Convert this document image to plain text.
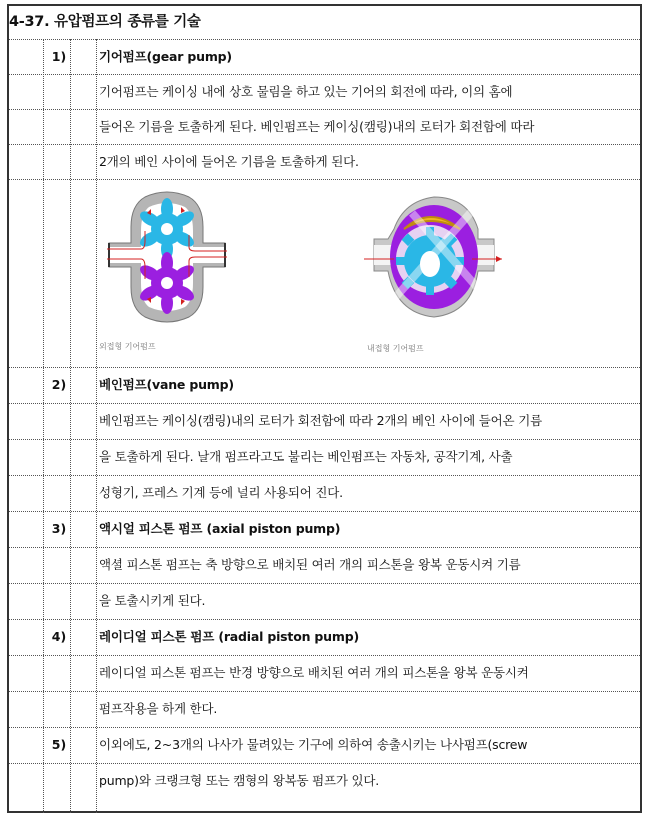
4-37. 유압펌프의 종류를 기술
1)	기어펌프(gear pump)
기어펌프는 케이싱 내에 상호 물림을 하고 있는 기어의 회전에 따라, 이의 홈에
들어온 기름을 토출하게 된다. 베인펌프는 케이싱(캠링)내의 로터가 회전함에 따라
2개의 베인 사이에 들어온 기름을 토출하게 된다.
외접형 기어펌프	내접형 기어펌프
2)	베인펌프(vane pump)
베인펌프는 케이싱(캠링)내의 로터가 회전함에 따라 2개의 베인 사이에 들어온 기름
을 토출하게 된다. 날개 펌프라고도 불리는 베인펌프는 자동차, 공작기계, 사출
성형기, 프레스 기계 등에 널리 사용되어 진다.
3)	액시얼 피스톤 펌프 (axial piston pump)
액셜 피스톤 펌프는 축 방향으로 배치된 여러 개의 피스톤을 왕복 운동시켜 기름
을 토출시키게 된다.
4)	레이디얼 피스톤 펌프 (radial piston pump)
레이디얼 피스톤 펌프는 반경 방향으로 배치된 여러 개의 피스톤을 왕복 운동시켜
펌프작용을 하게 한다.
5)	이외에도, 2~3개의 나사가 물려있는 기구에 의하여 송출시키는 나사펌프(screw
pump)와 크랭크형 또는 캠형의 왕복동 펌프가 있다.
